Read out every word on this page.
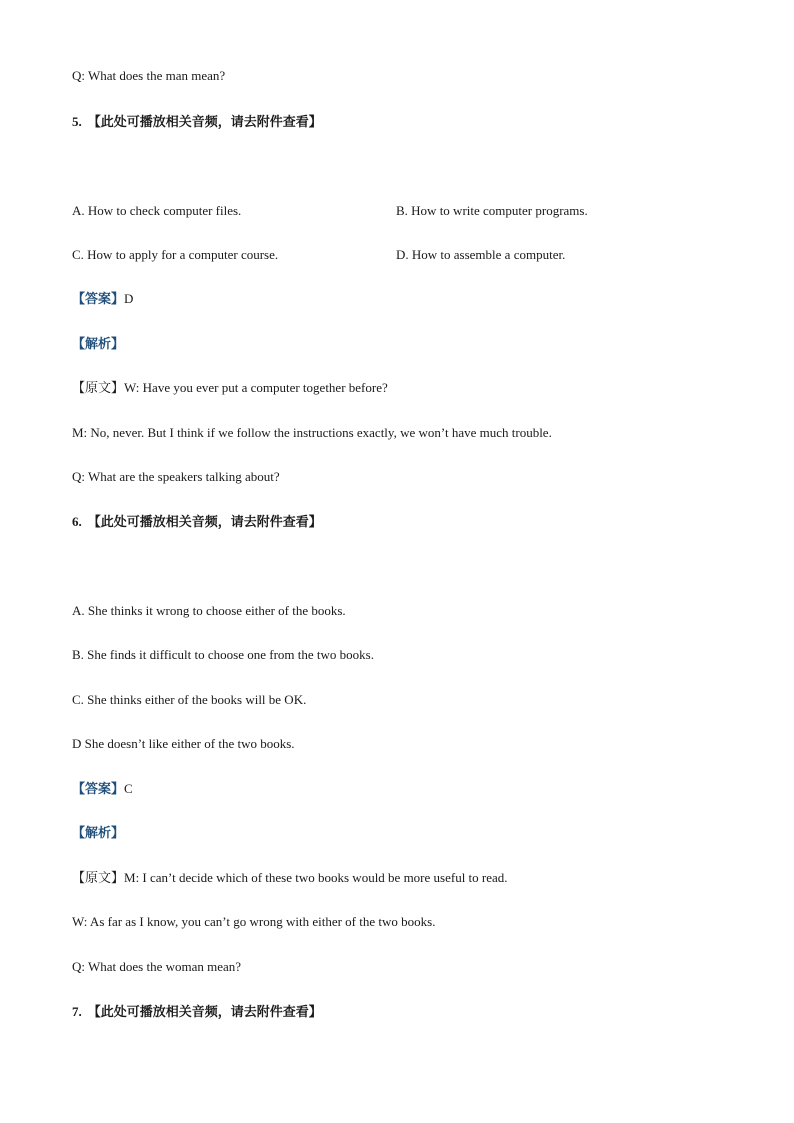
Q: What does the man mean?
5. 【此处可播放相关音频，请去附件查看】
A. How to check computer files.	B. How to write computer programs.
C. How to apply for a computer course.	D. How to assemble a computer.
【答案】D
【解析】
【原文】W: Have you ever put a computer together before?
M: No, never. But I think if we follow the instructions exactly, we won’t have much trouble.
Q: What are the speakers talking about?
6. 【此处可播放相关音频，请去附件查看】
A. She thinks it wrong to choose either of the books.
B. She finds it difficult to choose one from the two books.
C. She thinks either of the books will be OK.
D She doesn’t like either of the two books.
【答案】C
【解析】
【原文】M: I can’t decide which of these two books would be more useful to read.
W: As far as I know, you can’t go wrong with either of the two books.
Q: What does the woman mean?
7. 【此处可播放相关音频，请去附件查看】
